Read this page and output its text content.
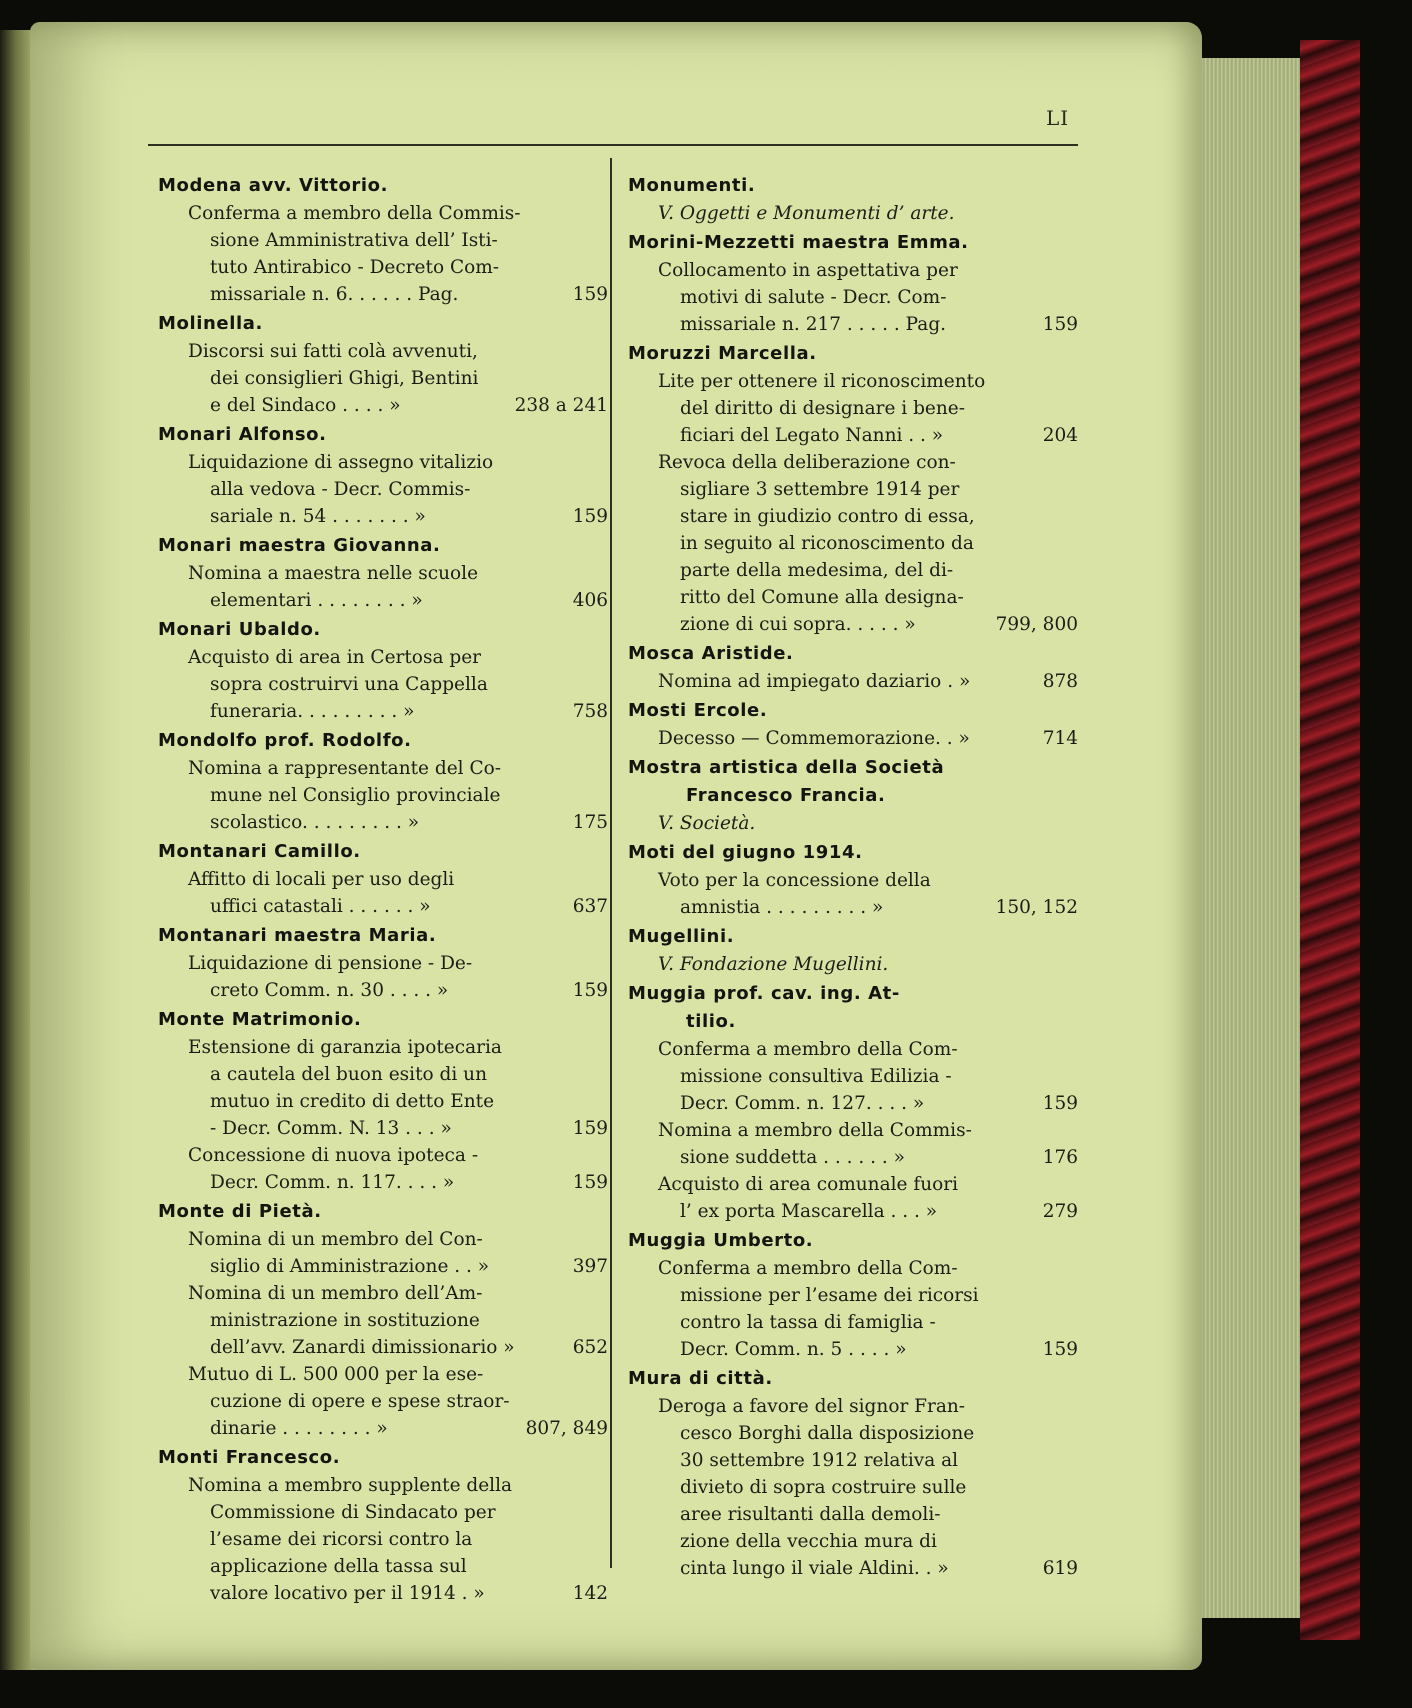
LI
Modena avv. Vittorio.
Conferma a membro della Commis-
sione Amministrativa dell’ Isti-
tuto Antirabico - Decreto Com-
missariale n. 6. . . . . . Pag.	159
Molinella.
Discorsi sui fatti colà avvenuti,
dei consiglieri Ghigi, Bentini
e del Sindaco . . . . »	238 a 241
Monari Alfonso.
Liquidazione di assegno vitalizio
alla vedova - Decr. Commis-
sariale n. 54 . . . . . . . »	159
Monari maestra Giovanna.
Nomina a maestra nelle scuole
elementari . . . . . . . . »	406
Monari Ubaldo.
Acquisto di area in Certosa per
sopra costruirvi una Cappella
funeraria. . . . . . . . . »	758
Mondolfo prof. Rodolfo.
Nomina a rappresentante del Co-
mune nel Consiglio provinciale
scolastico. . . . . . . . . »	175
Montanari Camillo.
Affitto di locali per uso degli
uffici catastali . . . . . . »	637
Montanari maestra Maria.
Liquidazione di pensione - De-
creto Comm. n. 30 . . . . »	159
Monte Matrimonio.
Estensione di garanzia ipotecaria
a cautela del buon esito di un
mutuo in credito di detto Ente
- Decr. Comm. N. 13 . . . »	159
Concessione di nuova ipoteca -
Decr. Comm. n. 117. . . . »	159
Monte di Pietà.
Nomina di un membro del Con-
siglio di Amministrazione . . »	397
Nomina di un membro dell’Am-
ministrazione in sostituzione
dell’avv. Zanardi dimissionario »	652
Mutuo di L. 500 000 per la ese-
cuzione di opere e spese straor-
dinarie . . . . . . . . »	807, 849
Monti Francesco.
Nomina a membro supplente della
Commissione di Sindacato per
l’esame dei ricorsi contro la
applicazione della tassa sul
valore locativo per il 1914 . »	142
Monumenti.
V. Oggetti e Monumenti d’ arte.
Morini-Mezzetti maestra Emma.
Collocamento in aspettativa per
motivi di salute - Decr. Com-
missariale n. 217 . . . . . Pag.	159
Moruzzi Marcella.
Lite per ottenere il riconoscimento
del diritto di designare i bene-
ficiari del Legato Nanni . . »	204
Revoca della deliberazione con-
sigliare 3 settembre 1914 per
stare in giudizio contro di essa,
in seguito al riconoscimento da
parte della medesima, del di-
ritto del Comune alla designa-
zione di cui sopra. . . . . »	799, 800
Mosca Aristide.
Nomina ad impiegato daziario . »	878
Mosti Ercole.
Decesso — Commemorazione. . »	714
Mostra artistica della Società
Francesco Francia.
V. Società.
Moti del giugno 1914.
Voto per la concessione della
amnistia . . . . . . . . . »	150, 152
Mugellini.
V. Fondazione Mugellini.
Muggia prof. cav. ing. At-
tilio.
Conferma a membro della Com-
missione consultiva Edilizia -
Decr. Comm. n. 127. . . . »	159
Nomina a membro della Commis-
sione suddetta . . . . . . »	176
Acquisto di area comunale fuori
l’ ex porta Mascarella . . . »	279
Muggia Umberto.
Conferma a membro della Com-
missione per l’esame dei ricorsi
contro la tassa di famiglia -
Decr. Comm. n. 5 . . . . »	159
Mura di città.
Deroga a favore del signor Fran-
cesco Borghi dalla disposizione
30 settembre 1912 relativa al
divieto di sopra costruire sulle
aree risultanti dalla demoli-
zione della vecchia mura di
cinta lungo il viale Aldini. . »	619
